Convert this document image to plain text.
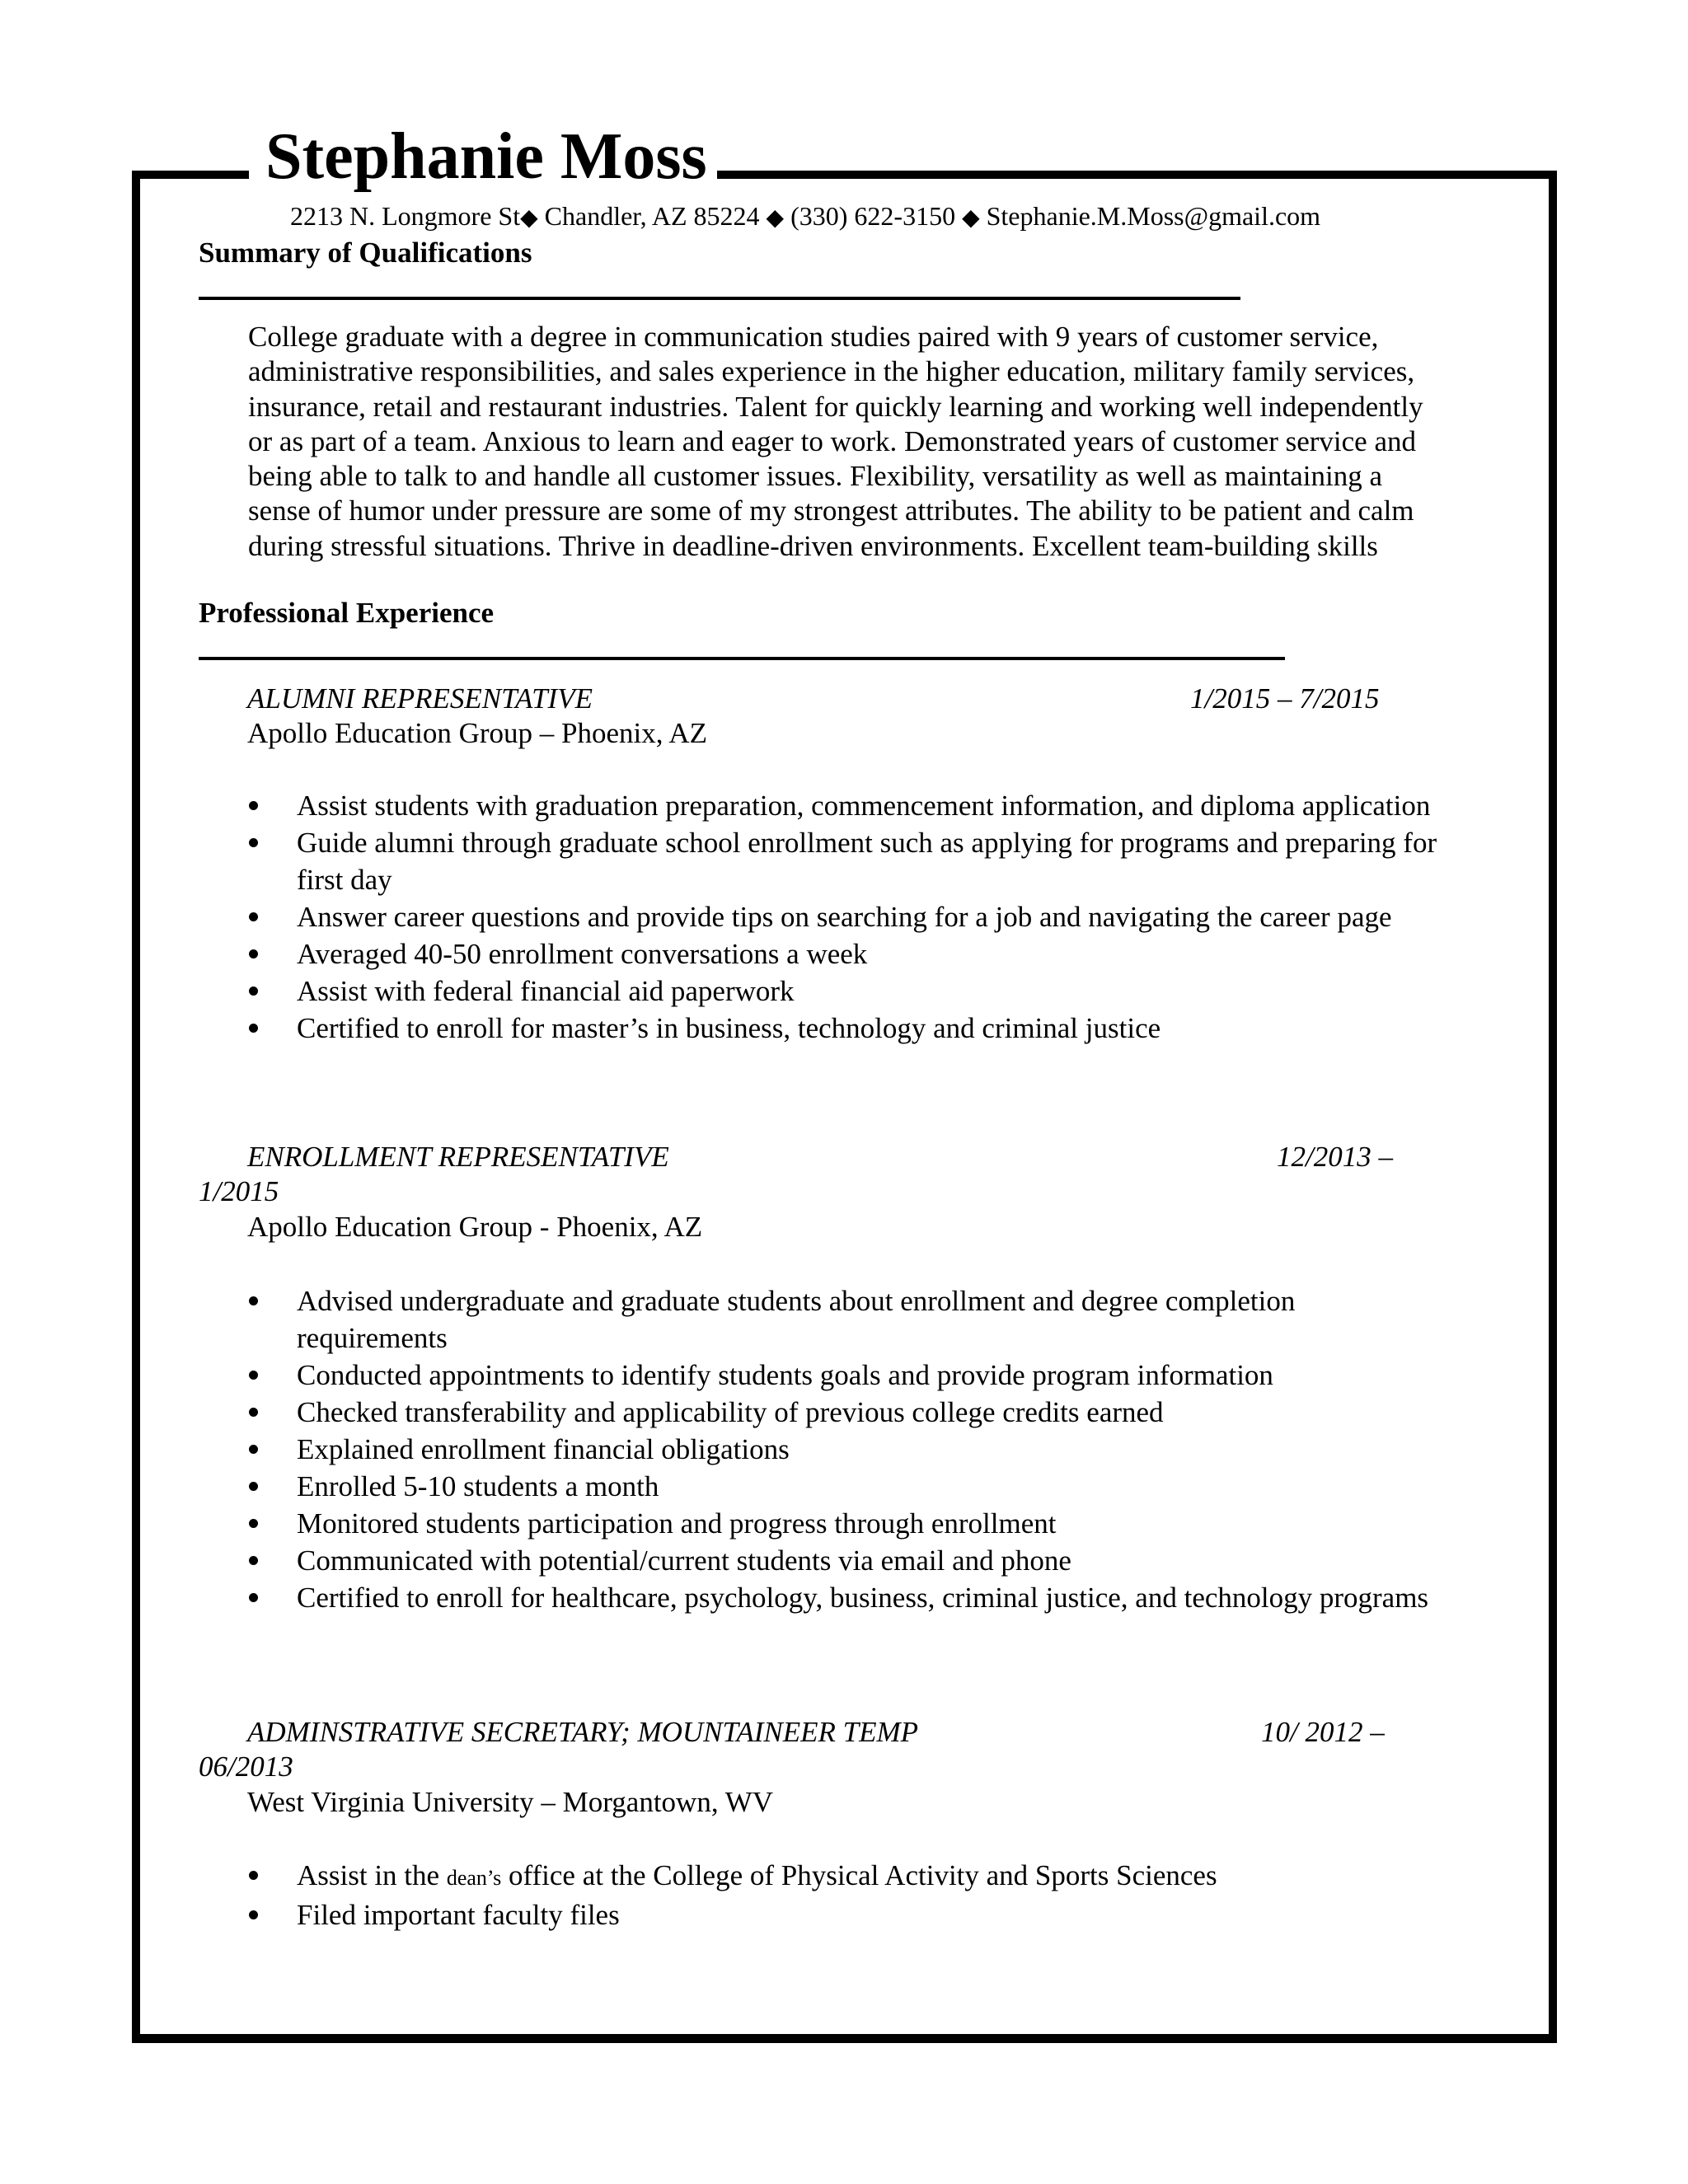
Stephanie Moss
2213 N. Longmore St◆ Chandler, AZ 85224 ◆ (330) 622-3150 ◆ Stephanie.M.Moss@gmail.com
Summary of Qualifications
College graduate with a degree in communication studies paired with 9 years of customer service,
administrative responsibilities, and sales experience in the higher education, military family services,
insurance, retail and restaurant industries. Talent for quickly learning and working well independently
or as part of a team. Anxious to learn and eager to work. Demonstrated years of customer service and
being able to talk to and handle all customer issues. Flexibility, versatility as well as maintaining a
sense of humor under pressure are some of my strongest attributes. The ability to be patient and calm
during stressful situations. Thrive in deadline-driven environments. Excellent team-building skills
Professional Experience
ALUMNI REPRESENTATIVE	1/2015 – 7/2015
Apollo Education Group – Phoenix, AZ
Assist students with graduation preparation, commencement information, and diploma application
Guide alumni through graduate school enrollment such as applying for programs and preparing for first day
Answer career questions and provide tips on searching for a job and navigating the career page
Averaged 40-50 enrollment conversations a week
Assist with federal financial aid paperwork
Certified to enroll for master’s in business, technology and criminal justice
ENROLLMENT REPRESENTATIVE	12/2013 –
1/2015
Apollo Education Group - Phoenix, AZ
Advised undergraduate and graduate students about enrollment and degree completion requirements
Conducted appointments to identify students goals and provide program information
Checked transferability and applicability of previous college credits earned
Explained enrollment financial obligations
Enrolled 5-10 students a month
Monitored students participation and progress through enrollment
Communicated with potential/current students via email and phone
Certified to enroll for healthcare, psychology, business, criminal justice, and technology programs
ADMINSTRATIVE SECRETARY; MOUNTAINEER TEMP	10/ 2012 –
06/2013
West Virginia University – Morgantown, WV
Assist in the dean’s office at the College of Physical Activity and Sports Sciences
Filed important faculty files
